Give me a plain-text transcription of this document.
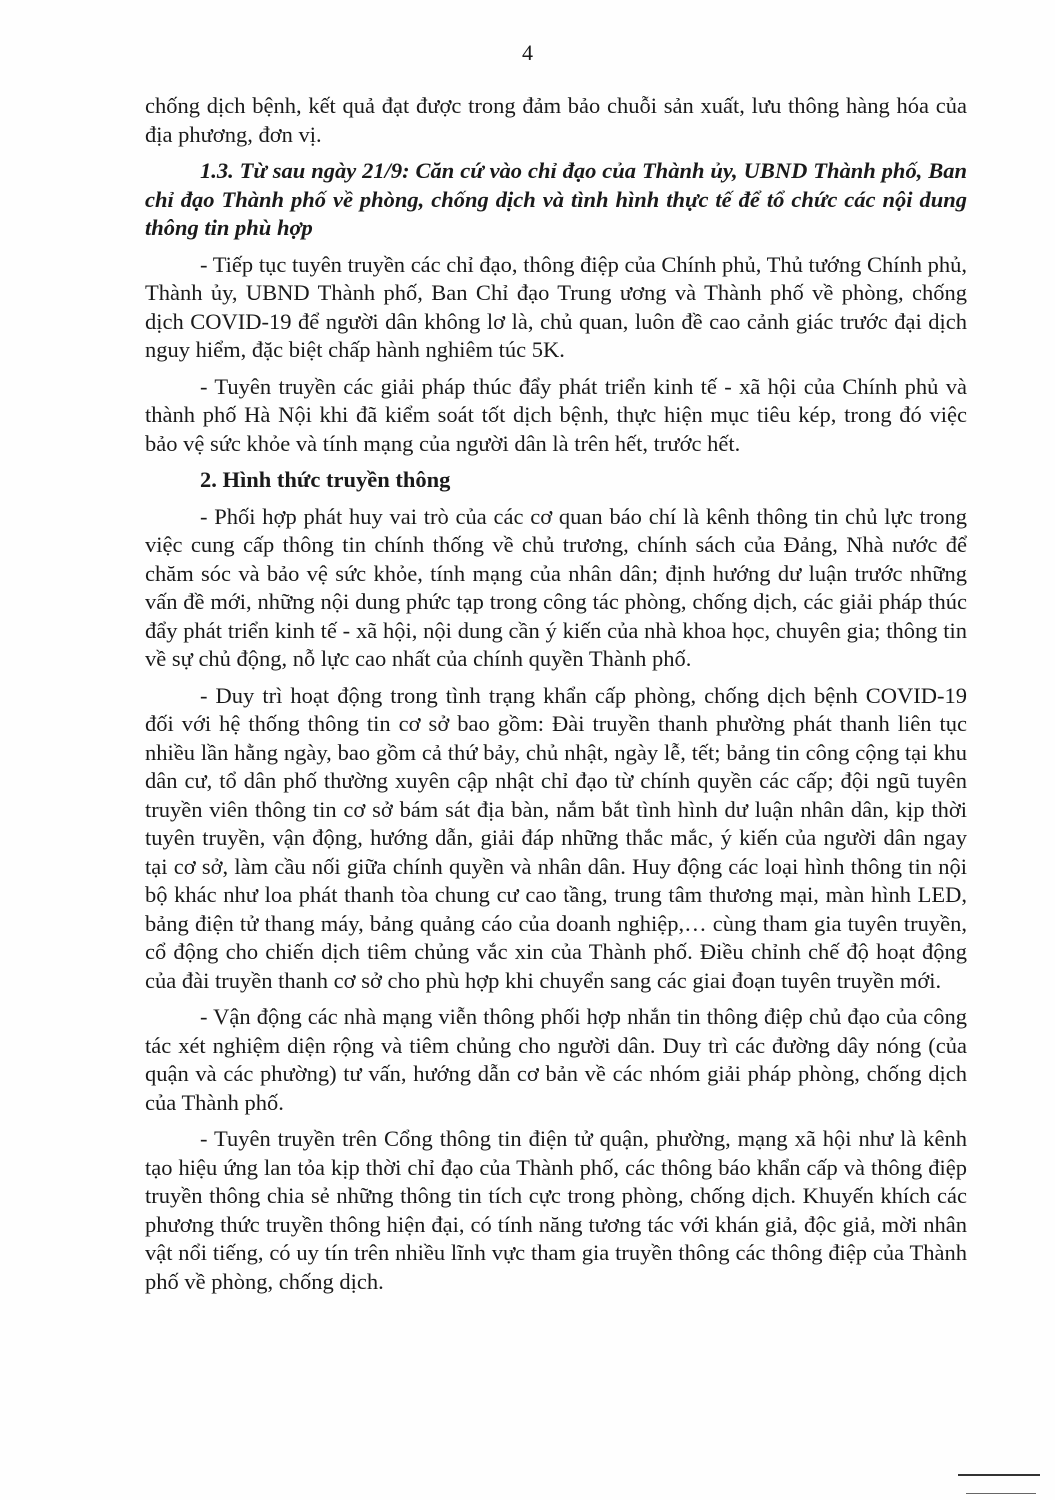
4

chống dịch bệnh, kết quả đạt được trong đảm bảo chuỗi sản xuất, lưu thông hàng hóa của địa phương, đơn vị.

1.3. Từ sau ngày 21/9: Căn cứ vào chỉ đạo của Thành ủy, UBND Thành phố, Ban chỉ đạo Thành phố về phòng, chống dịch và tình hình thực tế để tổ chức các nội dung thông tin phù hợp

- Tiếp tục tuyên truyền các chỉ đạo, thông điệp của Chính phủ, Thủ tướng Chính phủ, Thành ủy, UBND Thành phố, Ban Chỉ đạo Trung ương và Thành phố về phòng, chống dịch COVID-19 để người dân không lơ là, chủ quan, luôn đề cao cảnh giác trước đại dịch nguy hiểm, đặc biệt chấp hành nghiêm túc 5K.

- Tuyên truyền các giải pháp thúc đẩy phát triển kinh tế - xã hội của Chính phủ và thành phố Hà Nội khi đã kiểm soát tốt dịch bệnh, thực hiện mục tiêu kép, trong đó việc bảo vệ sức khỏe và tính mạng của người dân là trên hết, trước hết.

2. Hình thức truyền thông

- Phối hợp phát huy vai trò của các cơ quan báo chí là kênh thông tin chủ lực trong việc cung cấp thông tin chính thống về chủ trương, chính sách của Đảng, Nhà nước để chăm sóc và bảo vệ sức khỏe, tính mạng của nhân dân; định hướng dư luận trước những vấn đề mới, những nội dung phức tạp trong công tác phòng, chống dịch, các giải pháp thúc đẩy phát triển kinh tế - xã hội, nội dung cần ý kiến của nhà khoa học, chuyên gia; thông tin về sự chủ động, nỗ lực cao nhất của chính quyền Thành phố.

- Duy trì hoạt động trong tình trạng khẩn cấp phòng, chống dịch bệnh COVID-19 đối với hệ thống thông tin cơ sở bao gồm: Đài truyền thanh phường phát thanh liên tục nhiều lần hằng ngày, bao gồm cả thứ bảy, chủ nhật, ngày lễ, tết; bảng tin công cộng tại khu dân cư, tổ dân phố thường xuyên cập nhật chỉ đạo từ chính quyền các cấp; đội ngũ tuyên truyền viên thông tin cơ sở bám sát địa bàn, nắm bắt tình hình dư luận nhân dân, kịp thời tuyên truyền, vận động, hướng dẫn, giải đáp những thắc mắc, ý kiến của người dân ngay tại cơ sở, làm cầu nối giữa chính quyền và nhân dân. Huy động các loại hình thông tin nội bộ khác như loa phát thanh tòa chung cư cao tầng, trung tâm thương mại, màn hình LED, bảng điện tử thang máy, bảng quảng cáo của doanh nghiệp,… cùng tham gia tuyên truyền, cổ động cho chiến dịch tiêm chủng vắc xin của Thành phố. Điều chỉnh chế độ hoạt động của đài truyền thanh cơ sở cho phù hợp khi chuyển sang các giai đoạn tuyên truyền mới.

- Vận động các nhà mạng viễn thông phối hợp nhắn tin thông điệp chủ đạo của công tác xét nghiệm diện rộng và tiêm chủng cho người dân. Duy trì các đường dây nóng (của quận và các phường) tư vấn, hướng dẫn cơ bản về các nhóm giải pháp phòng, chống dịch của Thành phố.

- Tuyên truyền trên Cổng thông tin điện tử quận, phường, mạng xã hội như là kênh tạo hiệu ứng lan tỏa kịp thời chỉ đạo của Thành phố, các thông báo khẩn cấp và thông điệp truyền thông chia sẻ những thông tin tích cực trong phòng, chống dịch. Khuyến khích các phương thức truyền thông hiện đại, có tính năng tương tác với khán giả, độc giả, mời nhân vật nổi tiếng, có uy tín trên nhiều lĩnh vực tham gia truyền thông các thông điệp của Thành phố về phòng, chống dịch.
